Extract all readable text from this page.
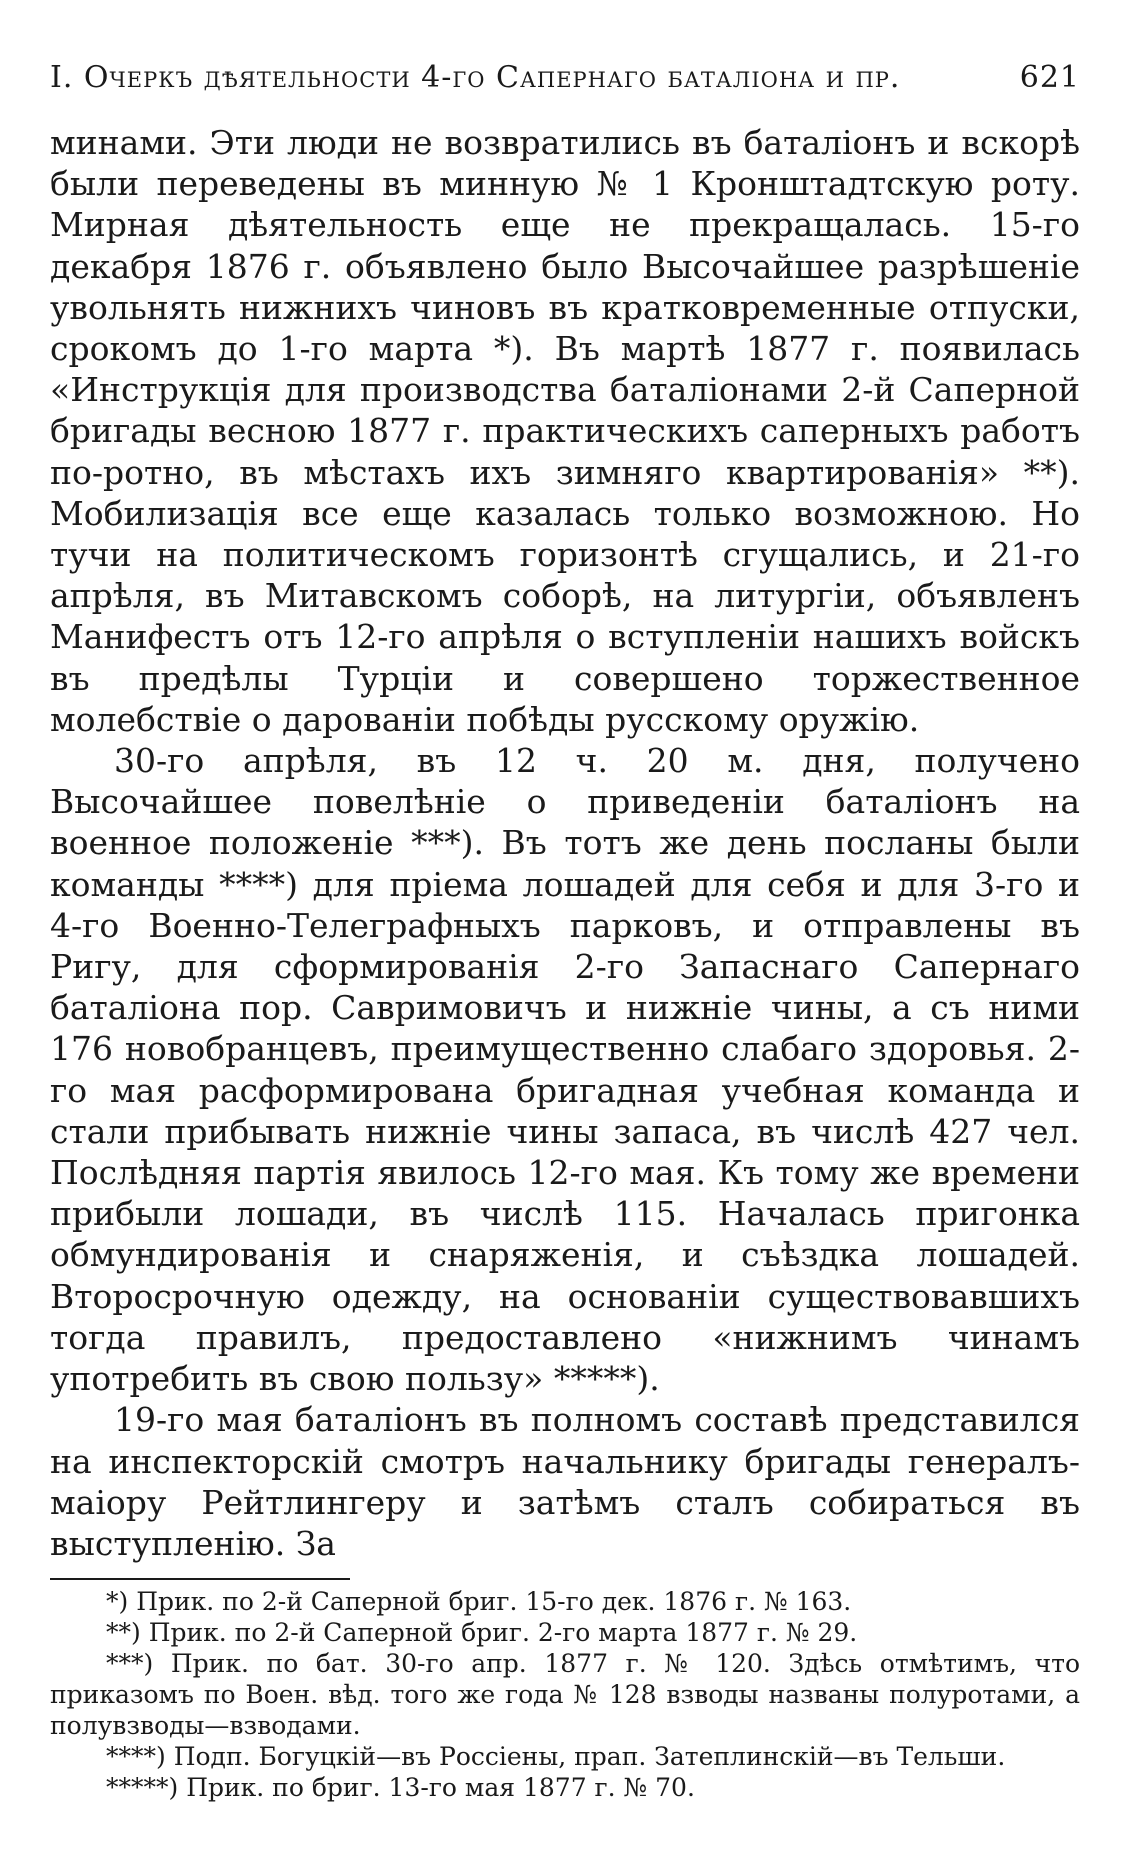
I. Очеркъ дѣятельности 4-го Сапернаго баталіона и пр.	621

минами. Эти люди не возвратились въ баталіонъ и вскорѣ были переведены въ минную № 1 Кронштадтскую роту. Мирная дѣятельность еще не прекращалась. 15-го декабря 1876 г. объявлено было Высочайшее разрѣшеніе увольнять нижнихъ чиновъ въ кратковременные отпуски, срокомъ до 1-го марта *). Въ мартѣ 1877 г. появилась «Инструкція для производства баталіонами 2-й Саперной бригады весною 1877 г. практическихъ саперныхъ работъ по-ротно, въ мѣстахъ ихъ зимняго квартированія» **). Мобилизація все еще казалась только возможною. Но тучи на политическомъ горизонтѣ сгущались, и 21-го апрѣля, въ Митавскомъ соборѣ, на литургіи, объявленъ Манифестъ отъ 12-го апрѣля о вступленіи нашихъ войскъ въ предѣлы Турціи и совершено торжественное молебствіе о дарованіи побѣды русскому оружію.

30-го апрѣля, въ 12 ч. 20 м. дня, получено Высочайшее повелѣніе о приведеніи баталіонъ на военное положеніе ***). Въ тотъ же день посланы были команды ****) для пріема лошадей для себя и для 3-го и 4-го Военно-Телеграфныхъ парковъ, и отправлены въ Ригу, для сформированія 2-го Запаснаго Сапернаго баталіона пор. Савримовичъ и нижніе чины, а съ ними 176 новобранцевъ, преимущественно слабаго здоровья. 2-го мая расформирована бригадная учебная команда и стали прибывать нижніе чины запаса, въ числѣ 427 чел. Послѣдняя партія явилось 12-го мая. Къ тому же времени прибыли лошади, въ числѣ 115. Началась пригонка обмундированія и снаряженія, и съѣздка лошадей. Второсрочную одежду, на основаніи существовавшихъ тогда правилъ, предоставлено «нижнимъ чинамъ употребить въ свою пользу» *****).

19-го мая баталіонъ въ полномъ составѣ представился на инспекторскій смотръ начальнику бригады генералъ-маіору Рейтлингеру и затѣмъ сталъ собираться въ выступленію. За

*) Прик. по 2-й Саперной бриг. 15-го дек. 1876 г. № 163.

**) Прик. по 2-й Саперной бриг. 2-го марта 1877 г. № 29.

***) Прик. по бат. 30-го апр. 1877 г. № 120. Здѣсь отмѣтимъ, что приказомъ по Воен. вѣд. того же года № 128 взводы названы полуротами, а полувзводы—взводами.

****) Подп. Богуцкій—въ Россіены, прап. Затеплинскій—въ Тельши.

*****) Прик. по бриг. 13-го мая 1877 г. № 70.
